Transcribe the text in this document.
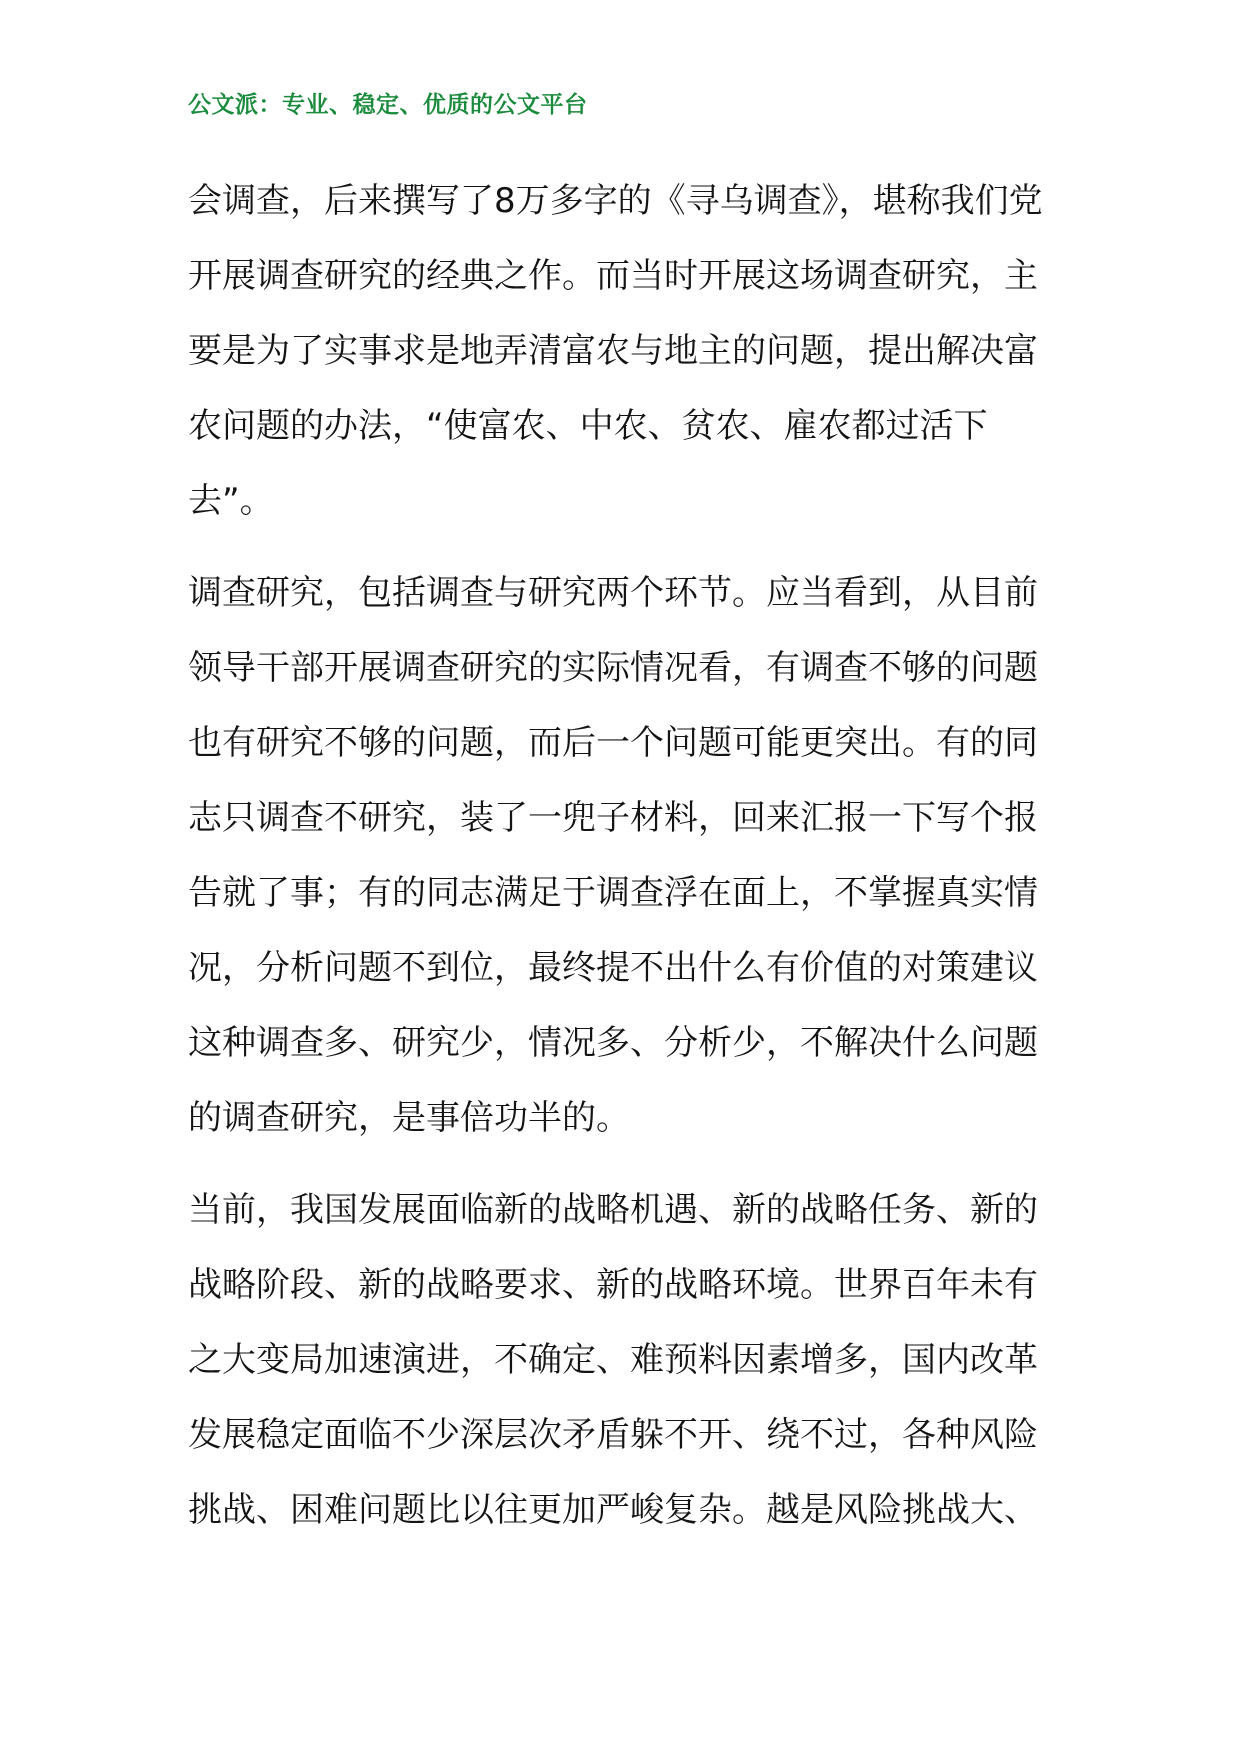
公文派：专业、稳定、优质的公文平台
会调查，后来撰写了8万多字的《寻乌调查》，堪称我们党
开展调查研究的经典之作。而当时开展这场调查研究，主
要是为了实事求是地弄清富农与地主的问题，提出解决富
农问题的办法，“使富农、中农、贫农、雇农都过活下
去”。
调查研究，包括调查与研究两个环节。应当看到，从目前
领导干部开展调查研究的实际情况看，有调查不够的问题
也有研究不够的问题，而后一个问题可能更突出。有的同
志只调查不研究，装了一兜子材料，回来汇报一下写个报
告就了事；有的同志满足于调查浮在面上，不掌握真实情
况，分析问题不到位，最终提不出什么有价值的对策建议
这种调查多、研究少，情况多、分析少，不解决什么问题
的调查研究，是事倍功半的。
当前，我国发展面临新的战略机遇、新的战略任务、新的
战略阶段、新的战略要求、新的战略环境。世界百年未有
之大变局加速演进，不确定、难预料因素增多，国内改革
发展稳定面临不少深层次矛盾躲不开、绕不过，各种风险
挑战、困难问题比以往更加严峻复杂。越是风险挑战大、
